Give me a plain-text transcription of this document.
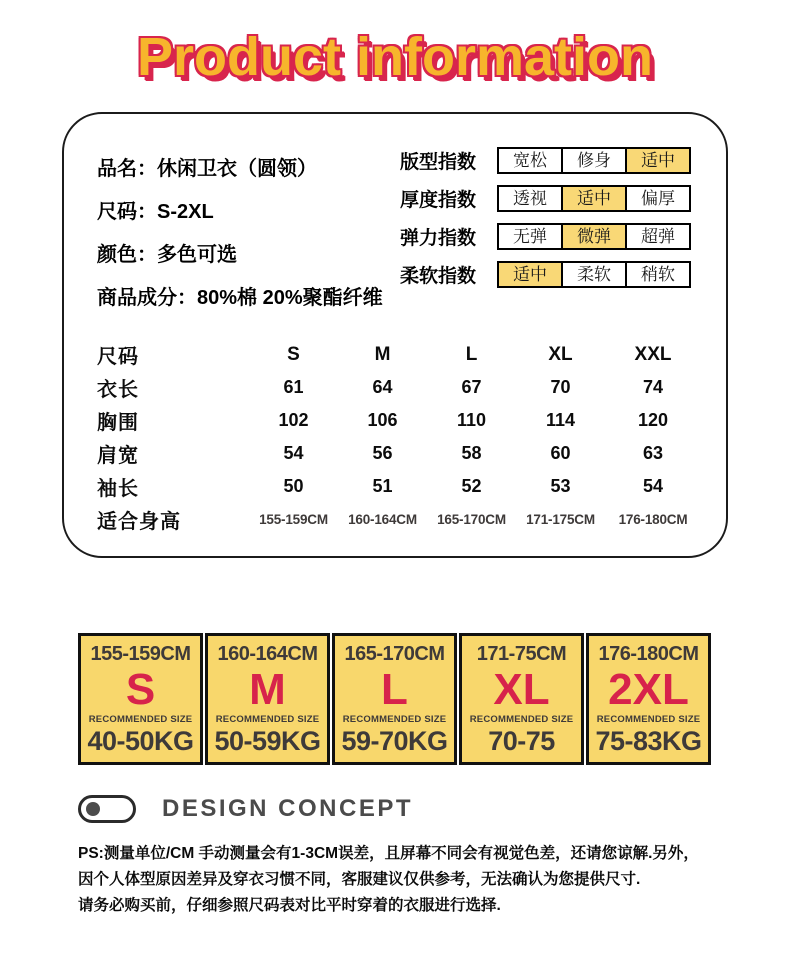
Product information
品名：休闲卫衣（圆领）
尺码：S-2XL
颜色：多色可选
商品成分：80%棉 20%聚酯纤维
版型指数	宽松	修身	适中
厚度指数	透视	适中	偏厚
弹力指数	无弹	微弹	超弹
柔软指数	适中	柔软	稍软
尺码	S	M	L	XL	XXL
衣长	61	64	67	70	74
胸围	102	106	110	114	120
肩宽	54	56	58	60	63
袖长	50	51	52	53	54
适合身高	155-159CM	160-164CM	165-170CM	171-175CM	176-180CM
155-159CM
S
RECOMMENDED SIZE
40-50KG
160-164CM
M
RECOMMENDED SIZE
50-59KG
165-170CM
L
RECOMMENDED SIZE
59-70KG
171-75CM
XL
RECOMMENDED SIZE
70-75
176-180CM
2XL
RECOMMENDED SIZE
75-83KG
DESIGN CONCEPT
PS:测量单位/CM 手动测量会有1-3CM误差，且屏幕不同会有视觉色差，还请您谅解.另外，
因个人体型原因差异及穿衣习惯不同，客服建议仅供参考，无法确认为您提供尺寸.
请务必购买前，仔细参照尺码表对比平时穿着的衣服进行选择.
